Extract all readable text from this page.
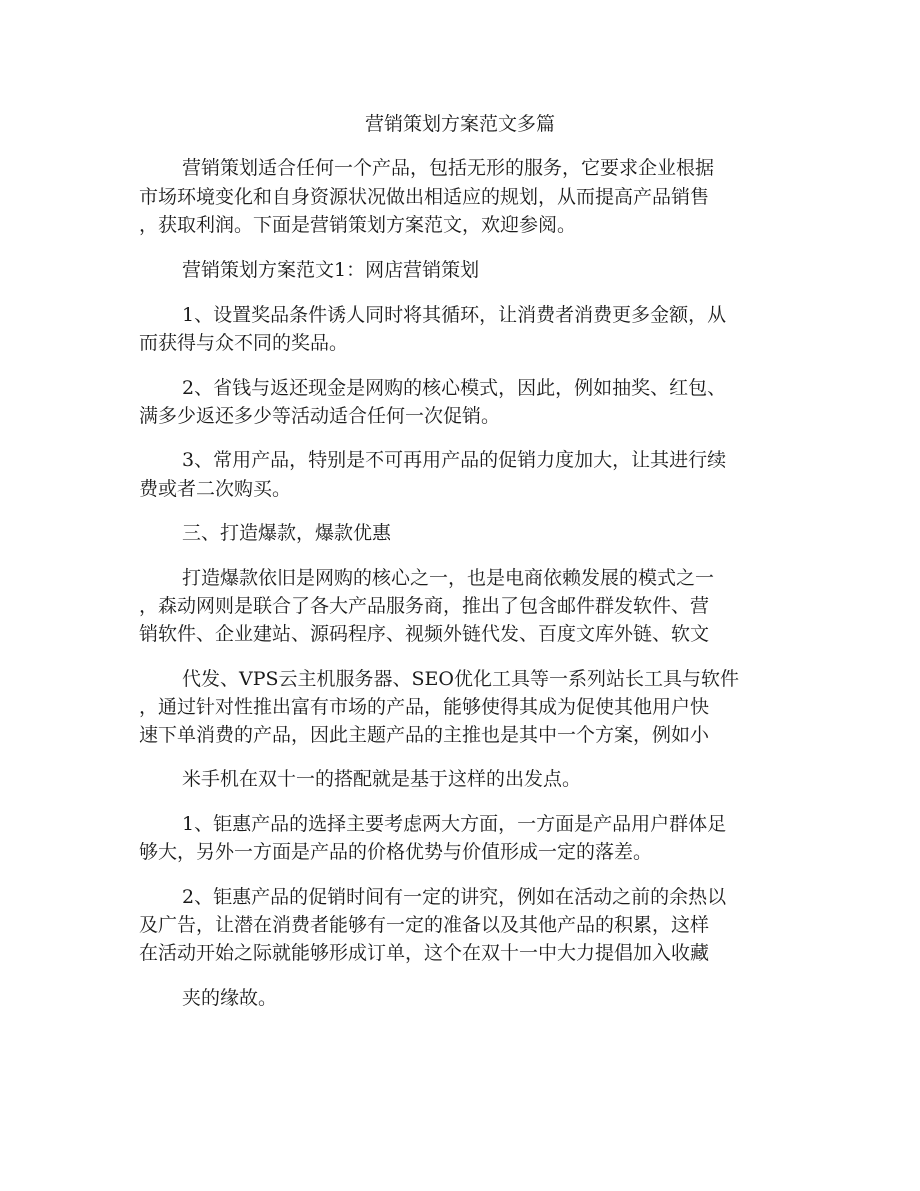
营销策划方案范文多篇
营销策划适合任何一个产品，包括无形的服务，它要求企业根据
市场环境变化和自身资源状况做出相适应的规划，从而提高产品销售
，获取利润。下面是营销策划方案范文，欢迎参阅。
营销策划方案范文1：网店营销策划
1、设置奖品条件诱人同时将其循环，让消费者消费更多金额，从
而获得与众不同的奖品。
2、省钱与返还现金是网购的核心模式，因此，例如抽奖、红包、
满多少返还多少等活动适合任何一次促销。
3、常用产品，特别是不可再用产品的促销力度加大，让其进行续
费或者二次购买。
三、打造爆款，爆款优惠
打造爆款依旧是网购的核心之一，也是电商依赖发展的模式之一
，森动网则是联合了各大产品服务商，推出了包含邮件群发软件、营
销软件、企业建站、源码程序、视频外链代发、百度文库外链、软文
代发、VPS云主机服务器、SEO优化工具等一系列站长工具与软件
，通过针对性推出富有市场的产品，能够使得其成为促使其他用户快
速下单消费的产品，因此主题产品的主推也是其中一个方案，例如小
米手机在双十一的搭配就是基于这样的出发点。
1、钜惠产品的选择主要考虑两大方面，一方面是产品用户群体足
够大，另外一方面是产品的价格优势与价值形成一定的落差。
2、钜惠产品的促销时间有一定的讲究，例如在活动之前的余热以
及广告，让潜在消费者能够有一定的准备以及其他产品的积累，这样
在活动开始之际就能够形成订单，这个在双十一中大力提倡加入收藏
夹的缘故。
